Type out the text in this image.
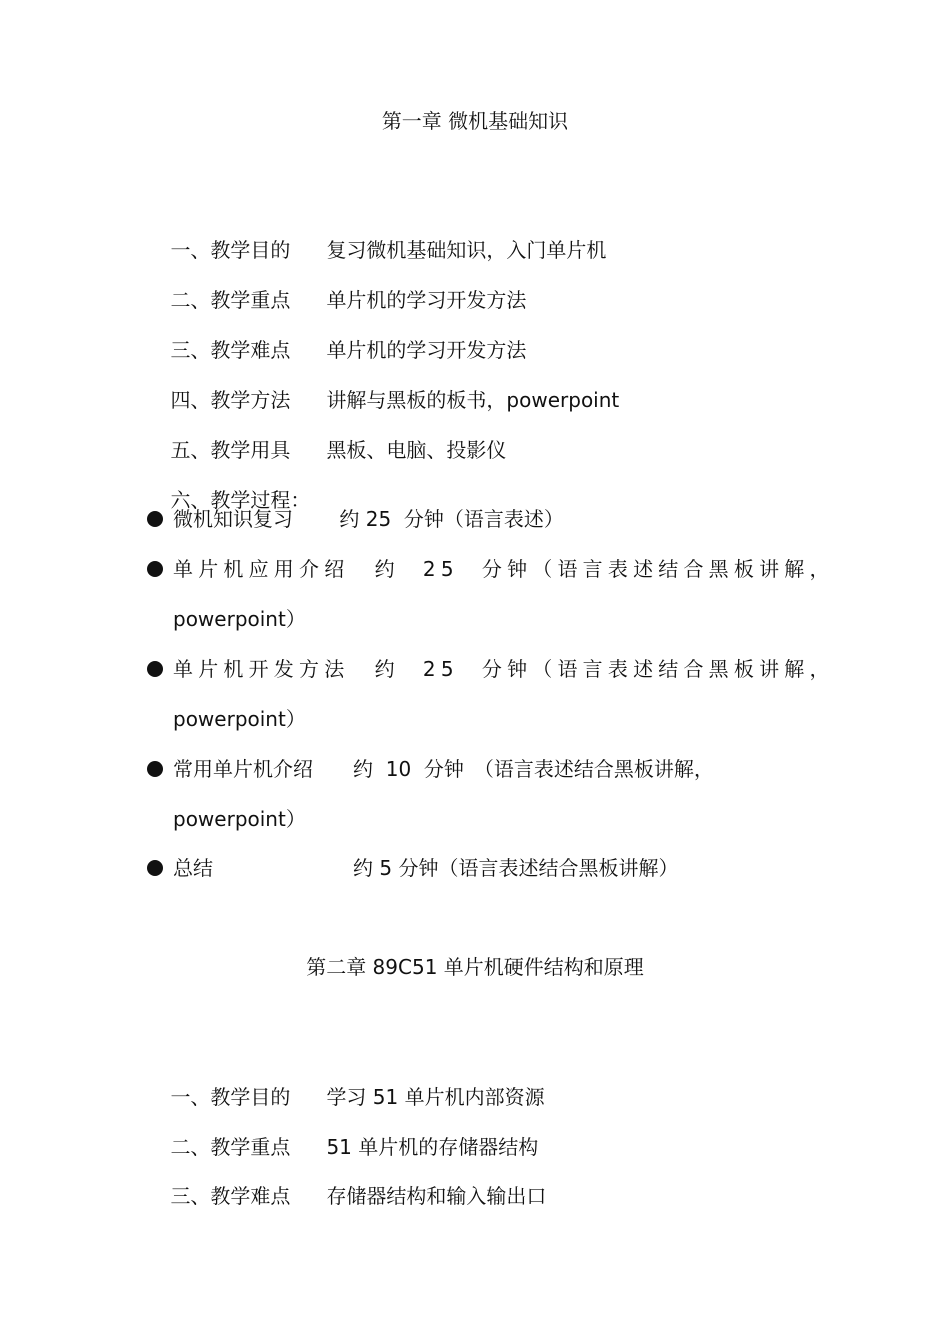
第一章 微机基础知识

一、教学目的 复习微机基础知识，入门单片机

二、教学重点 单片机的学习开发方法

三、教学难点 单片机的学习开发方法

四、教学方法 讲解与黑板的板书，powerpoint

五、教学用具 黑板、电脑、投影仪

六、教学过程：

微机知识复习　　 约 25  分钟（语言表述）

单片机应用介绍　约  25  分钟（语言表述结合黑板讲解，

powerpoint）

单片机开发方法　约  25  分钟（语言表述结合黑板讲解，

powerpoint）

常用单片机介绍　　约  10  分钟　（语言表述结合黑板讲解，

powerpoint）

总结　　　　　　　约 5 分钟（语言表述结合黑板讲解）

第二章 89C51 单片机硬件结构和原理

一、教学目的 学习 51 单片机内部资源

二、教学重点 51 单片机的存储器结构

三、教学难点 存储器结构和输入输出口
